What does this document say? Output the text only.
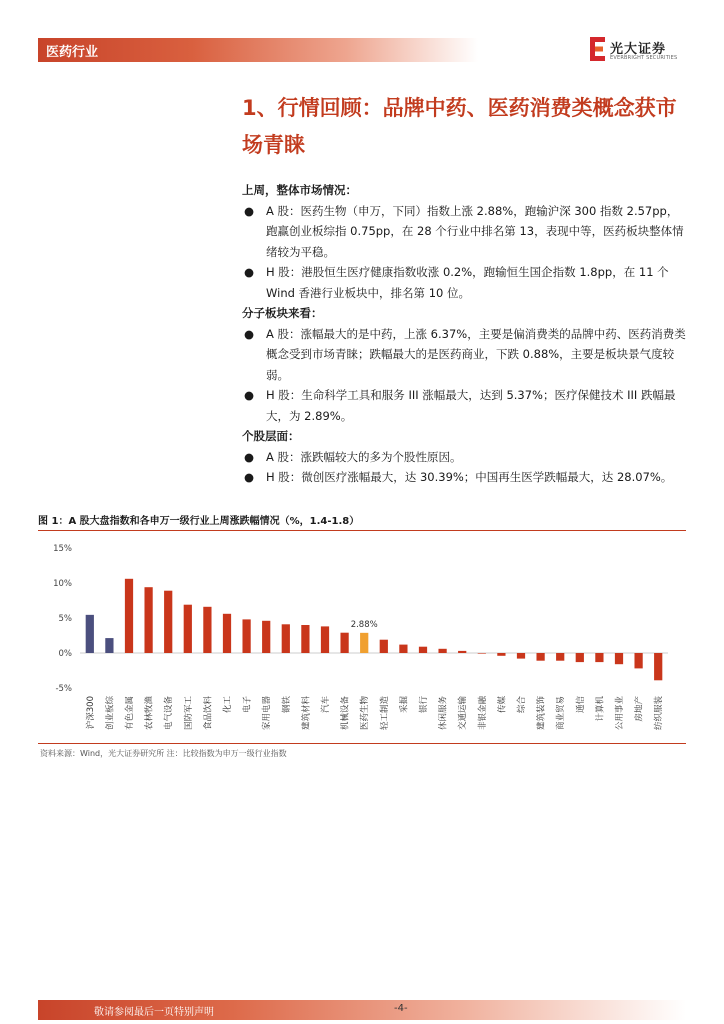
医药行业	光大证券
EVERBRIGHT SECURITIES
1、行情回顾：品牌中药、医药消费类概念获市场青睐

上周，整体市场情况：

● A 股：医药生物（申万，下同）指数上涨 2.88%，跑输沪深 300 指数 2.57pp，跑赢创业板综指 0.75pp，在 28 个行业中排名第 13，表现中等，医药板块整体情绪较为平稳。

● H 股：港股恒生医疗健康指数收涨 0.2%，跑输恒生国企指数 1.8pp，在 11 个 Wind 香港行业板块中，排名第 10 位。

分子板块来看：

● A 股：涨幅最大的是中药，上涨 6.37%，主要是偏消费类的品牌中药、医药消费类概念受到市场青睐；跌幅最大的是医药商业，下跌 0.88%，主要是板块景气度较弱。

● H 股：生命科学工具和服务 III 涨幅最大，达到 5.37%；医疗保健技术 III 跌幅最大，为 2.89%。

个股层面：

● A 股：涨跌幅较大的多为个股性原因。

● H 股：微创医疗涨幅最大，达 30.39%；中国再生医学跌幅最大，达 28.07%。

图 1：A 股大盘指数和各申万一级行业上周涨跌幅情况（%，1.4-1.8）
15%
10%
5%
0%
-5%
沪深300 创业板综 有色金属 农林牧渔 电气设备 国防军工 食品饮料 化工 电子 家用电器 钢铁 建筑材料 汽车 机械设备 医药生物 轻工制造 采掘 银行 休闲服务 交通运输 非银金融 传媒 综合 建筑装饰 商业贸易 通信 计算机 公用事业 房地产 纺织服装
2.88%
资料来源：Wind，光大证券研究所 注：比较指数为申万一级行业指数
敬请参阅最后一页特别声明	-4-
